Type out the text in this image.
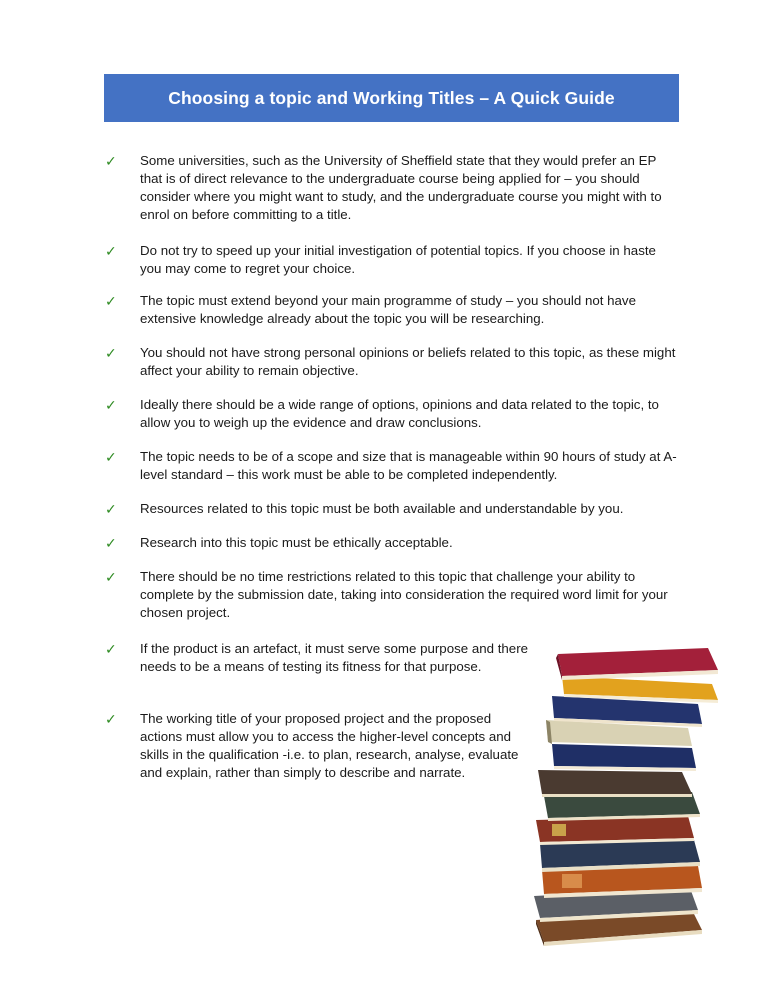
Choosing a topic and Working Titles – A Quick Guide
✓ Some universities, such as the University of Sheffield state that they would prefer an EP that is of direct relevance to the undergraduate course being applied for – you should consider where you might want to study, and the undergraduate course you might with to enrol on before committing to a title.

✓ Do not try to speed up your initial investigation of potential topics. If you choose in haste you may come to regret your choice.

✓ The topic must extend beyond your main programme of study – you should not have extensive knowledge already about the topic you will be researching.

✓ You should not have strong personal opinions or beliefs related to this topic, as these might affect your ability to remain objective.

✓ Ideally there should be a wide range of options, opinions and data related to the topic, to allow you to weigh up the evidence and draw conclusions.

✓ The topic needs to be of a scope and size that is manageable within 90 hours of study at A-level standard – this work must be able to be completed independently.

✓ Resources related to this topic must be both available and understandable by you.

✓ Research into this topic must be ethically acceptable.

✓ There should be no time restrictions related to this topic that challenge your ability to complete by the submission date, taking into consideration the required word limit for your chosen project.

✓ If the product is an artefact, it must serve some purpose and there needs to be a means of testing its fitness for that purpose.

✓ The working title of your proposed project and the proposed actions must allow you to access the higher-level concepts and skills in the qualification -i.e. to plan, research, analyse, evaluate and explain, rather than simply to describe and narrate.
